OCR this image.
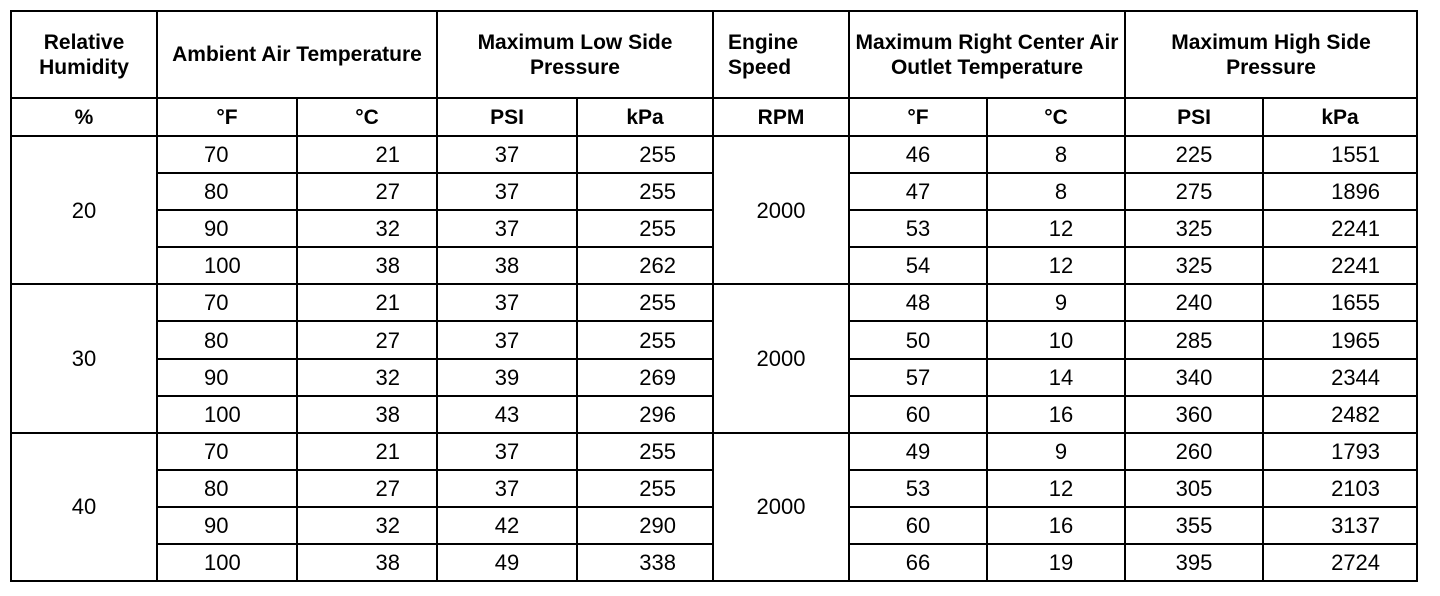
Relative Humidity	Ambient Air Temperature		Maximum Low Side Pressure		Engine Speed	Maximum Right Center Air Outlet Temperature		Maximum High Side Pressure	
%	°F	°C	PSI	kPa	RPM	°F	°C	PSI	kPa
20	70	21	37	255	2000	46	8	225	1551
	80	27	37	255		47	8	275	1896
	90	32	37	255		53	12	325	2241
	100	38	38	262		54	12	325	2241
30	70	21	37	255	2000	48	9	240	1655
	80	27	37	255		50	10	285	1965
	90	32	39	269		57	14	340	2344
	100	38	43	296		60	16	360	2482
40	70	21	37	255	2000	49	9	260	1793
	80	27	37	255		53	12	305	2103
	90	32	42	290		60	16	355	3137
	100	38	49	338		66	19	395	2724
